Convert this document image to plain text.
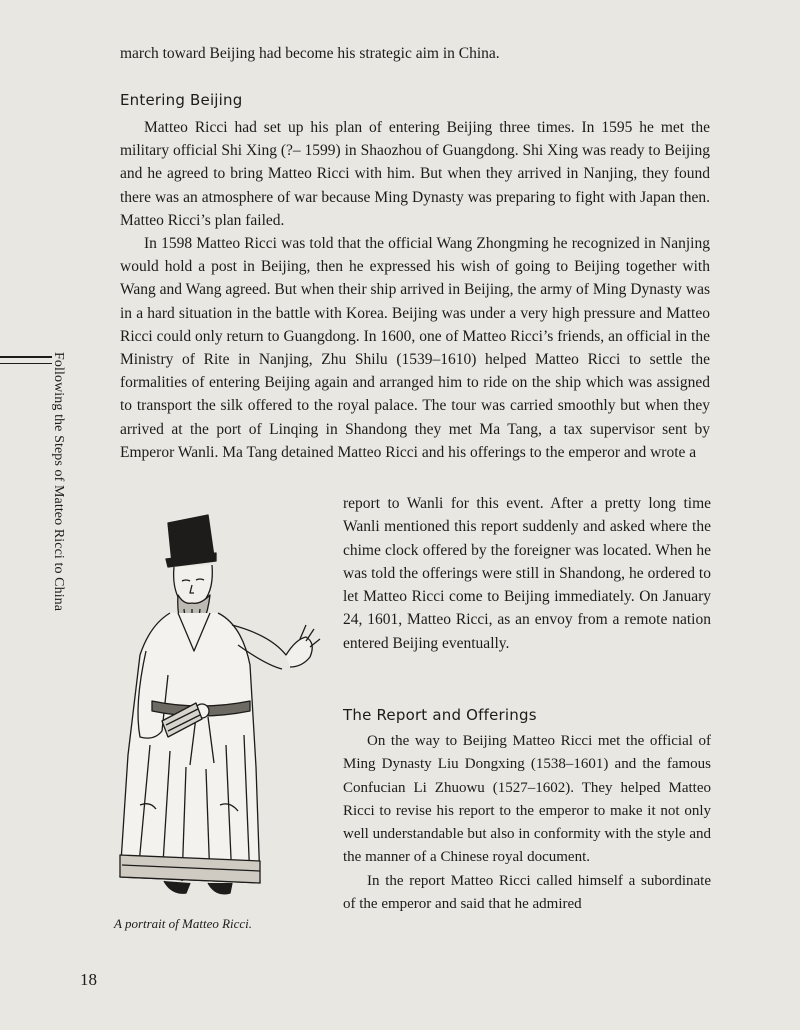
Following the Steps of Matteo Ricci to China

march toward Beijing had become his strategic aim in China.

Entering Beijing

Matteo Ricci had set up his plan of entering Beijing three times. In 1595 he met the military official Shi Xing (?– 1599) in Shaozhou of Guangdong. Shi Xing was ready to Beijing and he agreed to bring Matteo Ricci with him. But when they arrived in Nanjing, they found there was an atmosphere of war because Ming Dynasty was preparing to fight with Japan then. Matteo Ricci’s plan failed.

In 1598 Matteo Ricci was told that the official Wang Zhongming he recognized in Nanjing would hold a post in Beijing, then he expressed his wish of going to Beijing together with Wang and Wang agreed. But when their ship arrived in Beijing, the army of Ming Dynasty was in a hard situation in the battle with Korea. Beijing was under a very high pressure and Matteo Ricci could only return to Guangdong. In 1600, one of Matteo Ricci’s friends, an official in the Ministry of Rite in Nanjing, Zhu Shilu (1539–1610) helped Matteo Ricci to settle the formalities of entering Beijing again and arranged him to ride on the ship which was assigned to transport the silk offered to the royal palace. The tour was carried smoothly but when they arrived at the port of Linqing in Shandong they met Ma Tang, a tax supervisor sent by Emperor Wanli. Ma Tang detained Matteo Ricci and his offerings to the emperor and wrote a

report to Wanli for this event. After a pretty long time Wanli mentioned this report suddenly and asked where the chime clock offered by the foreigner was located. When he was told the offerings were still in Shandong, he ordered to let Matteo Ricci come to Beijing immediately. On January 24, 1601, Matteo Ricci, as an envoy from a remote nation entered Beijing eventually.

The Report and Offerings

On the way to Beijing Matteo Ricci met the official of Ming Dynasty Liu Dongxing (1538–1601) and the famous Confucian Li Zhuowu (1527–1602). They helped Matteo Ricci to revise his report to the emperor to make it not only well understandable but also in conformity with the style and the manner of a Chinese royal document.

In the report Matteo Ricci called himself a subordinate of the emperor and said that he admired

A portrait of Matteo Ricci.
18
